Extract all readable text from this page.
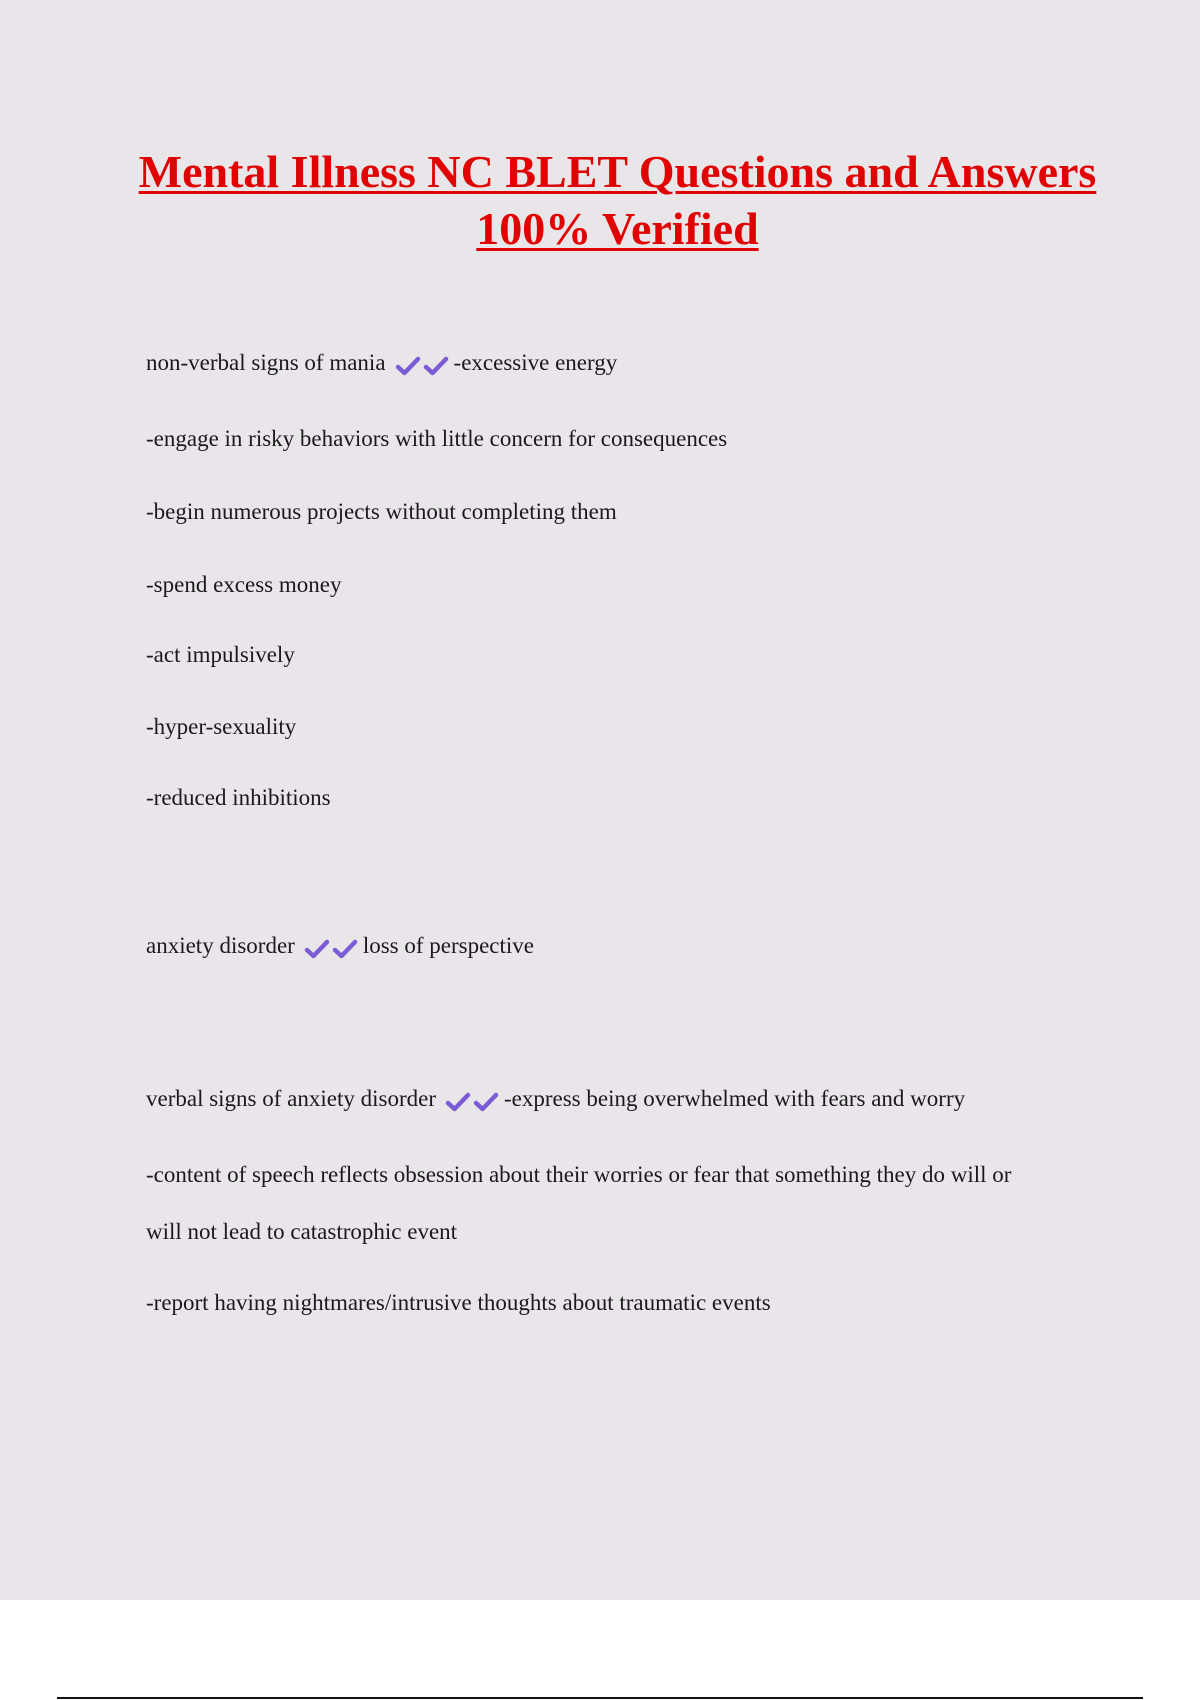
Mental Illness NC BLET Questions and Answers 100% Verified
non-verbal signs of mania	-excessive energy
-engage in risky behaviors with little concern for consequences
-begin numerous projects without completing them
-spend excess money
-act impulsively
-hyper-sexuality
-reduced inhibitions
anxiety disorder	loss of perspective
verbal signs of anxiety disorder	-express being overwhelmed with fears and worry
-content of speech reflects obsession about their worries or fear that something they do will or
will not lead to catastrophic event
-report having nightmares/intrusive thoughts about traumatic events
